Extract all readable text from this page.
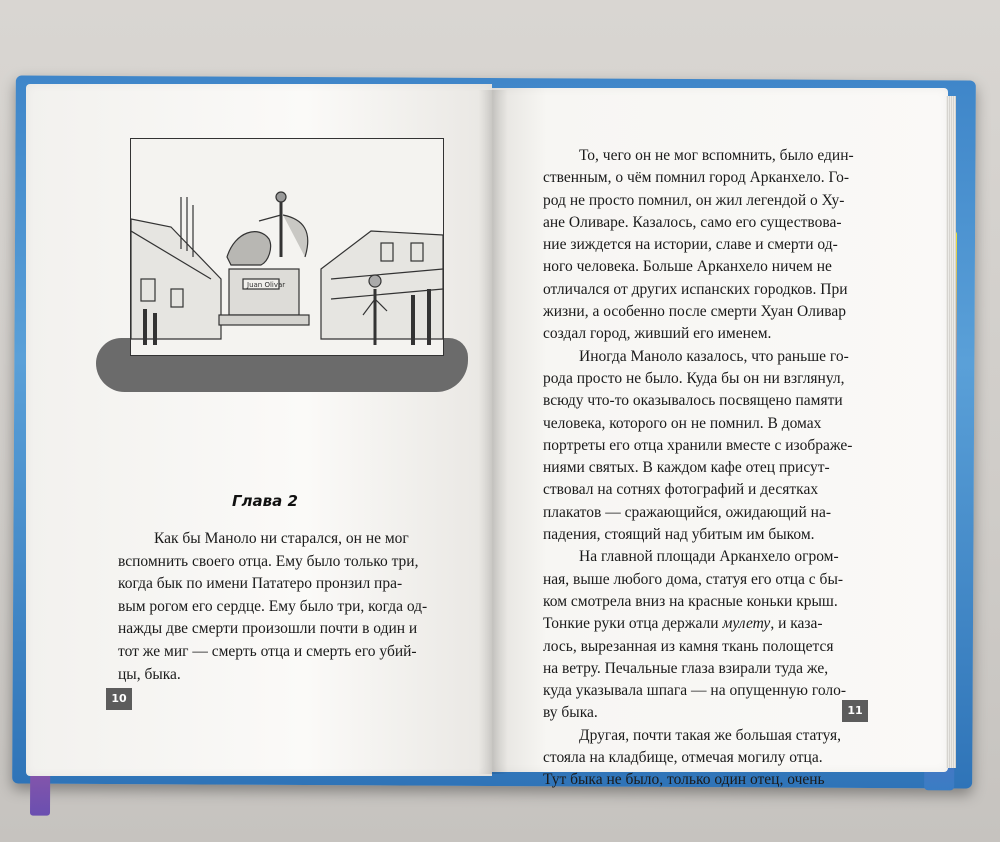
Juan Olivar
Глава 2
Как бы Маноло ни старался, он не мог
вспомнить своего отца. Ему было только три,
когда бык по имени Пататеро пронзил пра-
вым рогом его сердце. Ему было три, когда од-
нажды две смерти произошли почти в один и
тот же миг — смерть отца и смерть его убий-
цы, быка.
То, чего он не мог вспомнить, было един-
ственным, о чём помнил город Арканхело. Го-
род не просто помнил, он жил легендой о Ху-
ане Оливаре. Казалось, само его существова-
ние зиждется на истории, славе и смерти од-
ного человека. Больше Арканхело ничем не
отличался от других испанских городков. При
жизни, а особенно после смерти Хуан Оливар
создал город, живший его именем.
Иногда Маноло казалось, что раньше го-
рода просто не было. Куда бы он ни взглянул,
всюду что-то оказывалось посвящено памяти
человека, которого он не помнил. В домах
портреты его отца хранили вместе с изображе-
ниями святых. В каждом кафе отец присут-
ствовал на сотнях фотографий и десятках
плакатов — сражающийся, ожидающий на-
падения, стоящий над убитым им быком.
На главной площади Арканхело огром-
ная, выше любого дома, статуя его отца с бы-
ком смотрела вниз на красные коньки крыш.
Тонкие руки отца держали мулету, и каза-
лось, вырезанная из камня ткань полощется
на ветру. Печальные глаза взирали туда же,
куда указывала шпага — на опущенную голо-
ву быка.
Другая, почти такая же большая статуя,
стояла на кладбище, отмечая могилу отца.
Тут быка не было, только один отец, очень
10
11
